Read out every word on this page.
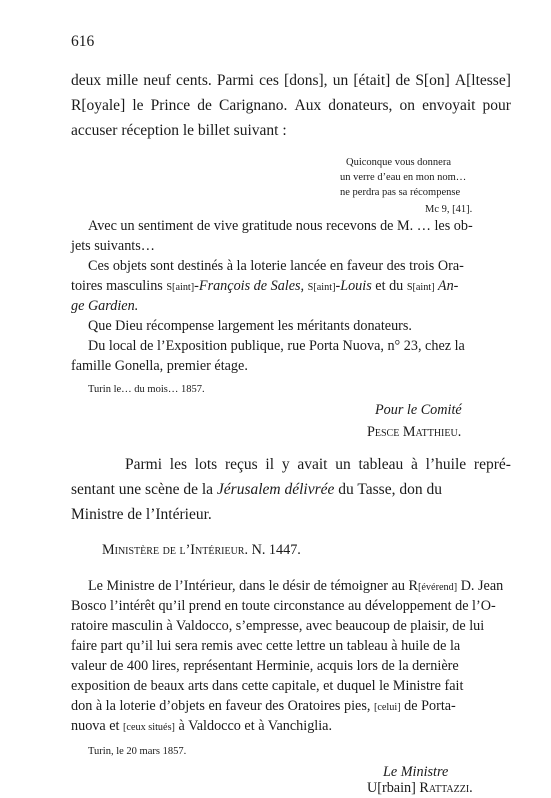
616
deux mille neuf cents. Parmi ces [dons], un [était] de S[on] A[ltesse]
R[oyale] le Prince de Carignano. Aux donateurs, on envoyait pour
accuser réception le billet suivant :
Quiconque vous donnera
un verre d’eau en mon nom…
ne perdra pas sa récompense
Mc 9, [41].
Avec un sentiment de vive gratitude nous recevons de M. … les ob-
jets suivants…
Ces objets sont destinés à la loterie lancée en faveur des trois Ora-
toires masculins S[aint]-François de Sales, S[aint]-Louis et du S[aint] An-
ge Gardien.
Que Dieu récompense largement les méritants donateurs.
Du local de l’Exposition publique, rue Porta Nuova, n° 23, chez la
famille Gonella, premier étage.
Turin le… du mois… 1857.
Pour le Comité
Pesce Matthieu.
Parmi les lots reçus il y avait un tableau à l’huile repré-
sentant une scène de la Jérusalem délivrée du Tasse, don du
Ministre de l’Intérieur.
Ministère de l’Intérieur. N. 1447.
Le Ministre de l’Intérieur, dans le désir de témoigner au R[évérend] D. Jean
Bosco l’intérêt qu’il prend en toute circonstance au développement de l’O-
ratoire masculin à Valdocco, s’empresse, avec beaucoup de plaisir, de lui
faire part qu’il lui sera remis avec cette lettre un tableau à huile de la
valeur de 400 lires, représentant Herminie, acquis lors de la dernière
exposition de beaux arts dans cette capitale, et duquel le Ministre fait
don à la loterie d’objets en faveur des Oratoires pies, [celui] de Porta-
nuova et [ceux situés] à Valdocco et à Vanchiglia.
Turin, le 20 mars 1857.
Le Ministre
U[rbain] Rattazzi.
